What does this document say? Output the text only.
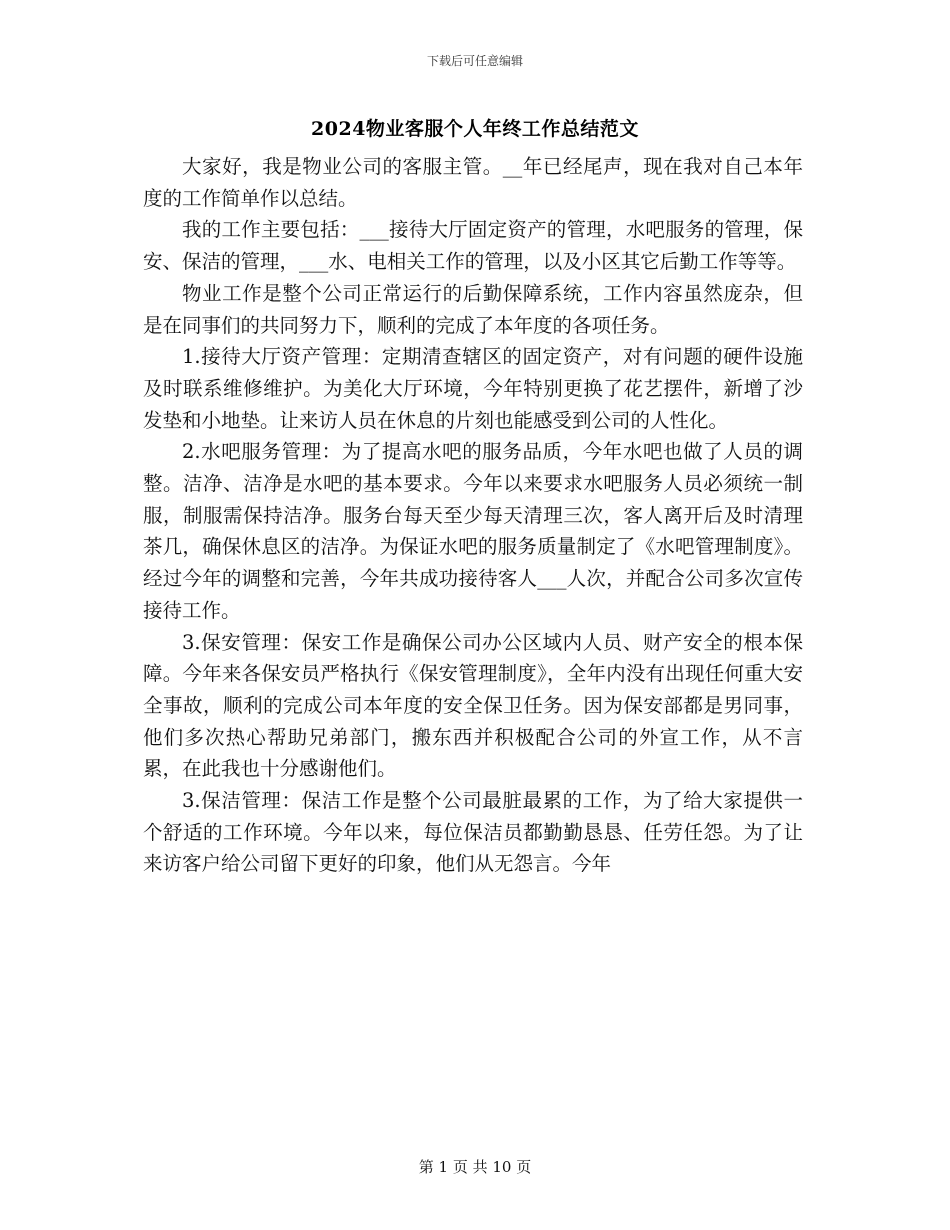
下载后可任意编辑
2024物业客服个人年终工作总结范文

大家好，我是物业公司的客服主管。__年已经尾声，现在我对自己本年度的工作简单作以总结。

我的工作主要包括：___接待大厅固定资产的管理，水吧服务的管理，保安、保洁的管理，___水、电相关工作的管理，以及小区其它后勤工作等等。

物业工作是整个公司正常运行的后勤保障系统，工作内容虽然庞杂，但是在同事们的共同努力下，顺利的完成了本年度的各项任务。

1.接待大厅资产管理：定期清查辖区的固定资产，对有问题的硬件设施及时联系维修维护。为美化大厅环境，今年特别更换了花艺摆件，新增了沙发垫和小地垫。让来访人员在休息的片刻也能感受到公司的人性化。

2.水吧服务管理：为了提高水吧的服务品质，今年水吧也做了人员的调整。洁净、洁净是水吧的基本要求。今年以来要求水吧服务人员必须统一制服，制服需保持洁净。服务台每天至少每天清理三次，客人离开后及时清理茶几，确保休息区的洁净。为保证水吧的服务质量制定了《水吧管理制度》。经过今年的调整和完善，今年共成功接待客人___人次，并配合公司多次宣传接待工作。

3.保安管理：保安工作是确保公司办公区域内人员、财产安全的根本保障。今年来各保安员严格执行《保安管理制度》，全年内没有出现任何重大安全事故，顺利的完成公司本年度的安全保卫任务。因为保安部都是男同事，他们多次热心帮助兄弟部门，搬东西并积极配合公司的外宣工作，从不言累，在此我也十分感谢他们。

3.保洁管理：保洁工作是整个公司最脏最累的工作，为了给大家提供一个舒适的工作环境。今年以来，每位保洁员都勤勤恳恳、任劳任怨。为了让来访客户给公司留下更好的印象，他们从无怨言。今年

第 1 页 共 10 页
